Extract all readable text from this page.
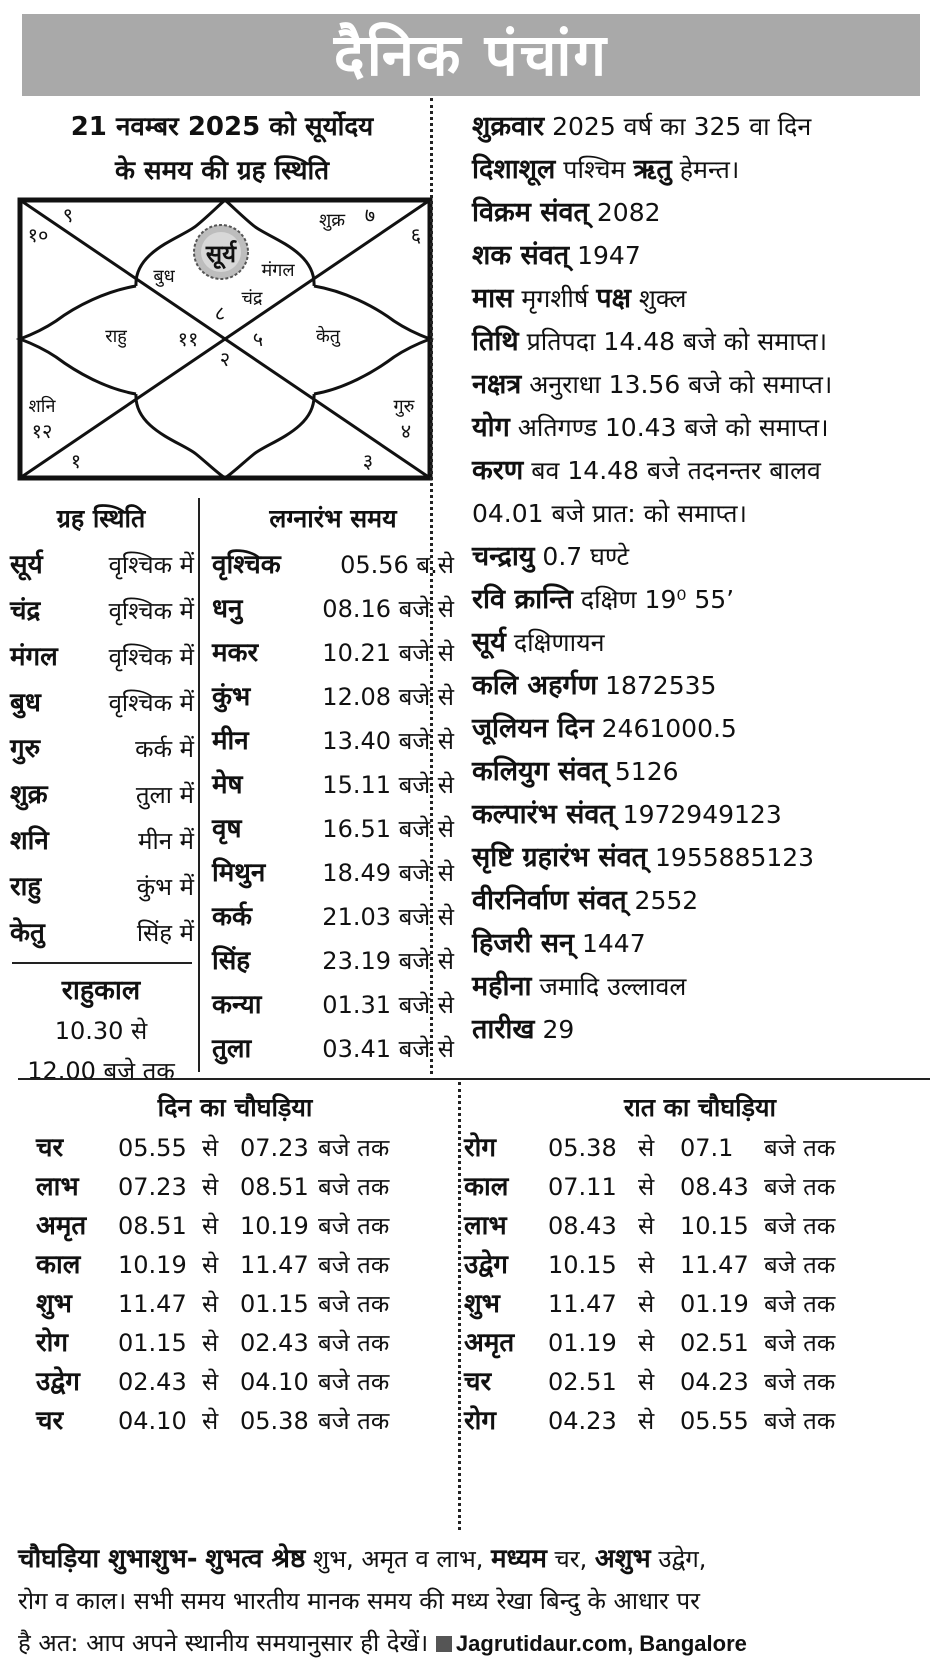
दैनिक पंचांग
21 नवम्बर 2025 को सूर्योदय
के समय की ग्रह स्थिति
सूर्य
बुध	मंगल
चंद्र
शुक्र
राहु	केतु
शनि	गुरु
८
९
१०
११
१२
१
२
३
४
५
६
७
शुक्रवार 2025 वर्ष का 325 वा दिन
दिशाशूल पश्चिम ऋतु हेमन्त।
विक्रम संवत् 2082
शक संवत् 1947
मास मृगशीर्ष पक्ष शुक्ल
तिथि प्रतिपदा 14.48 बजे को समाप्त।
नक्षत्र अनुराधा 13.56 बजे को समाप्त।
योग अतिगण्ड 10.43 बजे को समाप्त।
करण बव 14.48 बजे तदनन्तर बालव
04.01 बजे प्रात: को समाप्त।
चन्द्रायु 0.7 घण्टे
रवि क्रान्ति दक्षिण 19⁰ 55’
सूर्य दक्षिणायन
कलि अहर्गण 1872535
जूलियन दिन 2461000.5
कलियुग संवत् 5126
कल्पारंभ संवत् 1972949123
सृष्टि ग्रहारंभ संवत् 1955885123
वीरनिर्वाण संवत् 2552
हिजरी सन् 1447
महीना जमादि उल्लावल
तारीख 29
ग्रह स्थिति
सूर्य	वृश्चिक में
चंद्र	वृश्चिक में
मंगल वृश्चिक में
बुध	वृश्चिक में
गुरु	कर्क में
शुक्र	तुला में
शनि	मीन में
राहु	कुंभ में
केतु	सिंह में
राहुकाल
10.30 से
12.00 बजे तक
लग्नारंभ समय
वृश्चिक 05.56 ब.से
धनु	08.16 बजे से
मकर	10.21 बजे से
कुंभ	12.08 बजे से
मीन	13.40 बजे से
मेष	15.11 बजे से
वृष	16.51 बजे से
मिथुन 18.49 बजे से
कर्क	21.03 बजे से
सिंह	23.19 बजे से
कन्या	01.31 बजे से
तुला	03.41 बजे से
दिन का चौघड़िया	रात का चौघड़िया
चर 05.55 से 07.23 बजे तक
लाभ 07.23 से 08.51 बजे तक
अमृत 08.51 से 10.19 बजे तक
काल 10.19 से 11.47 बजे तक
शुभ 11.47 से 01.15 बजे तक
रोग 01.15 से 02.43 बजे तक
उद्वेग 02.43 से 04.10 बजे तक
चर 04.10 से 05.38 बजे तक
रोग 05.38 से 07.1 बजे तक
काल 07.11 से 08.43 बजे तक
लाभ 08.43 से 10.15 बजे तक
उद्वेग 10.15 से 11.47 बजे तक
शुभ 11.47 से 01.19 बजे तक
अमृत 01.19 से 02.51 बजे तक
चर 02.51 से 04.23 बजे तक
रोग 04.23 से 05.55 बजे तक
चौघड़िया शुभाशुभ- शुभत्व श्रेष्ठ शुभ, अमृत व लाभ, मध्यम चर, अशुभ उद्वेग,
रोग व काल। सभी समय भारतीय मानक समय की मध्य रेखा बिन्दु के आधार पर
है अत: आप अपने स्थानीय समयानुसार ही देखें। Jagrutidaur.com, Bangalore
